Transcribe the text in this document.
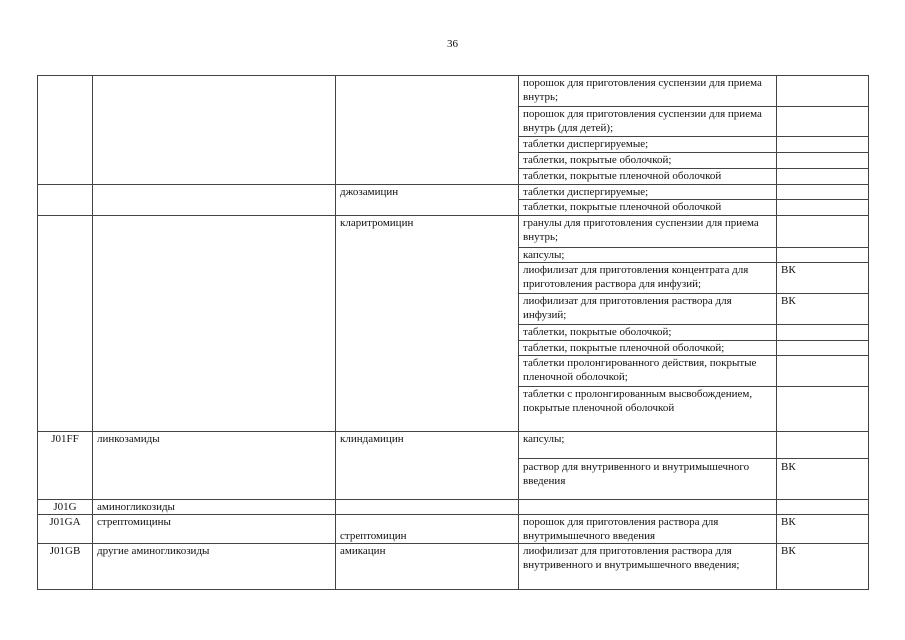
36
			порошок для приготовления суспензии для приема внутрь;	
			порошок для приготовления суспензии для приема внутрь (для детей);	
			таблетки диспергируемые;	
			таблетки, покрытые оболочкой;	
			таблетки, покрытые пленочной оболочкой	
		джозамицин	таблетки диспергируемые;	
			таблетки, покрытые пленочной оболочкой	
		кларитромицин	гранулы для приготовления суспензии для приема внутрь;	
			капсулы;	
			лиофилизат для приготовления концентрата для приготовления раствора для инфузий;	ВК
			лиофилизат для приготовления раствора для инфузий;	ВК
			таблетки, покрытые оболочкой;	
			таблетки, покрытые пленочной оболочкой;	
			таблетки пролонгированного действия, покрытые пленочной оболочкой;	
			таблетки с пролонгированным высвобождением, покрытые пленочной оболочкой	
J01FF	линкозамиды	клиндамицин	капсулы;	
			раствор для внутривенного и внутримышечного введения	ВК
J01G	аминогликозиды			
J01GA	стрептомицины	стрептомицин	порошок для приготовления раствора для внутримышечного введения	ВК
J01GB	другие аминогликозиды	амикацин	лиофилизат для приготовления раствора для внутривенного и внутримышечного введения;	ВК
